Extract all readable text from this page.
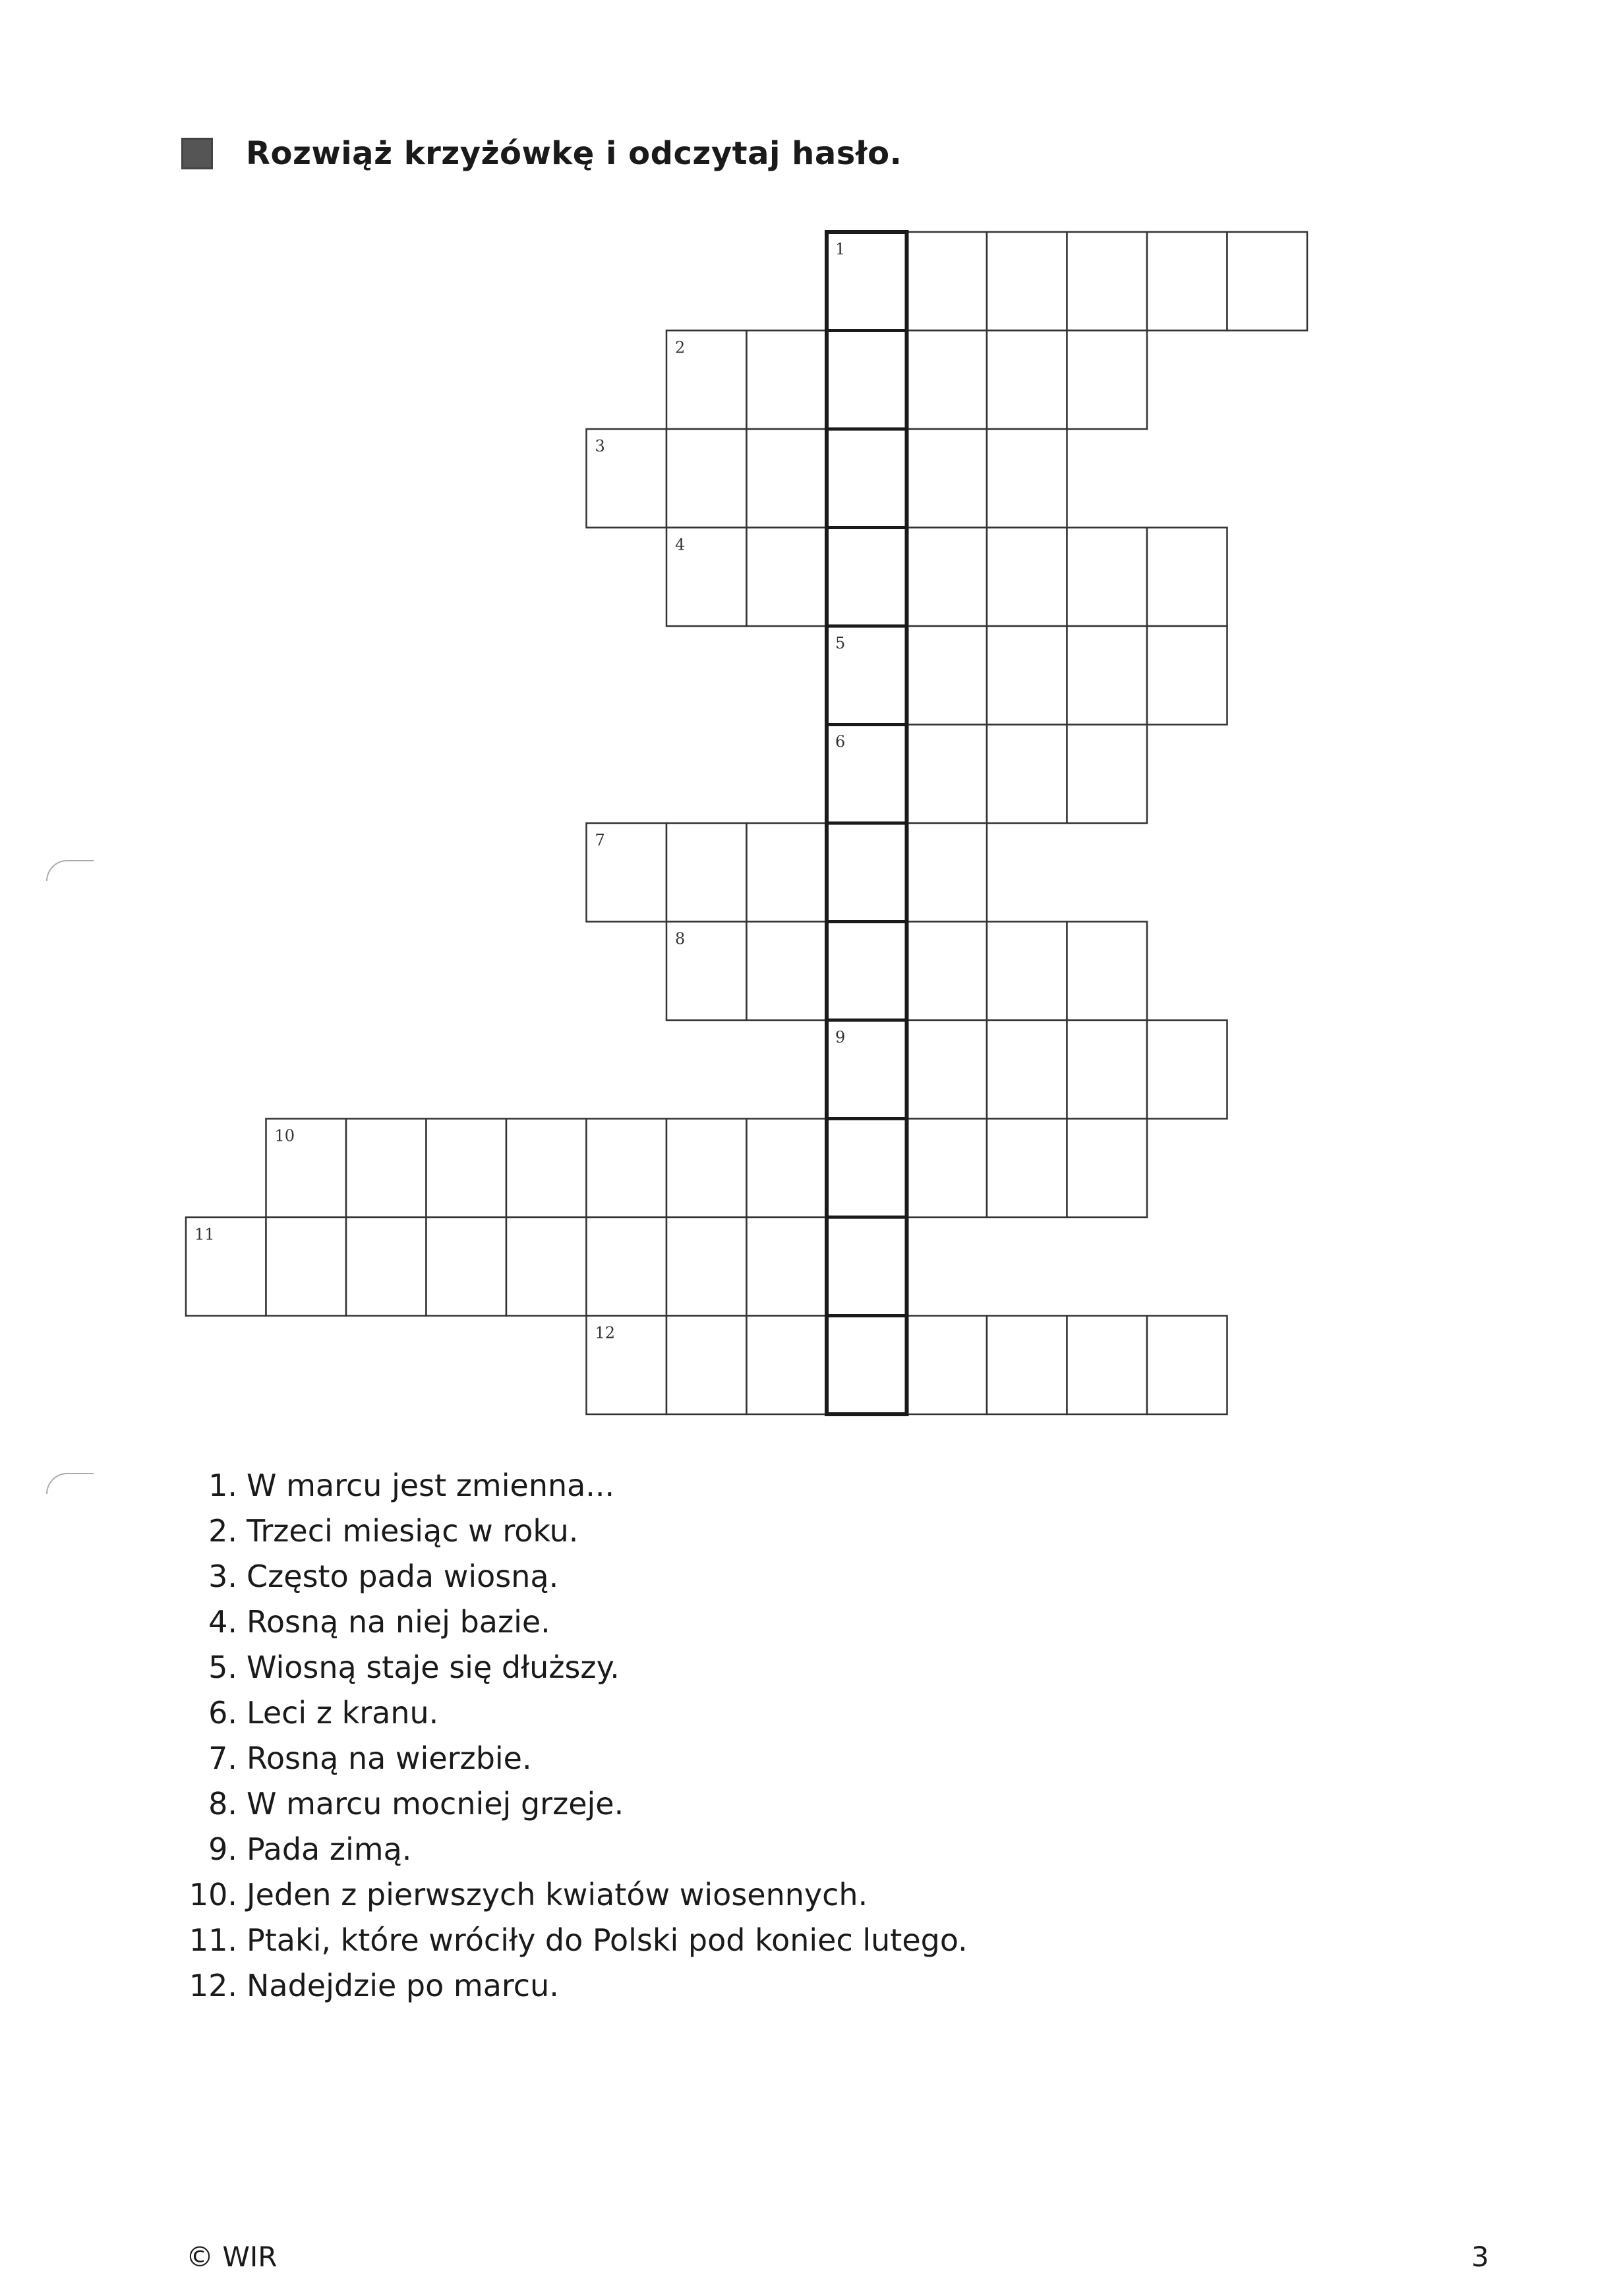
Rozwiąż krzyżówkę i odczytaj hasło.
1
2
3
4
5
6
7
8
9
10
11
12
1. W marcu jest zmienna...
2. Trzeci miesiąc w roku.
3. Często pada wiosną.
4. Rosną na niej bazie.
5. Wiosną staje się dłuższy.
6. Leci z kranu.
7. Rosną na wierzbie.
8. W marcu mocniej grzeje.
9. Pada zimą.
10. Jeden z pierwszych kwiatów wiosennych.
11. Ptaki, które wróciły do Polski pod koniec lutego.
12. Nadejdzie po marcu.
© WIR	3
